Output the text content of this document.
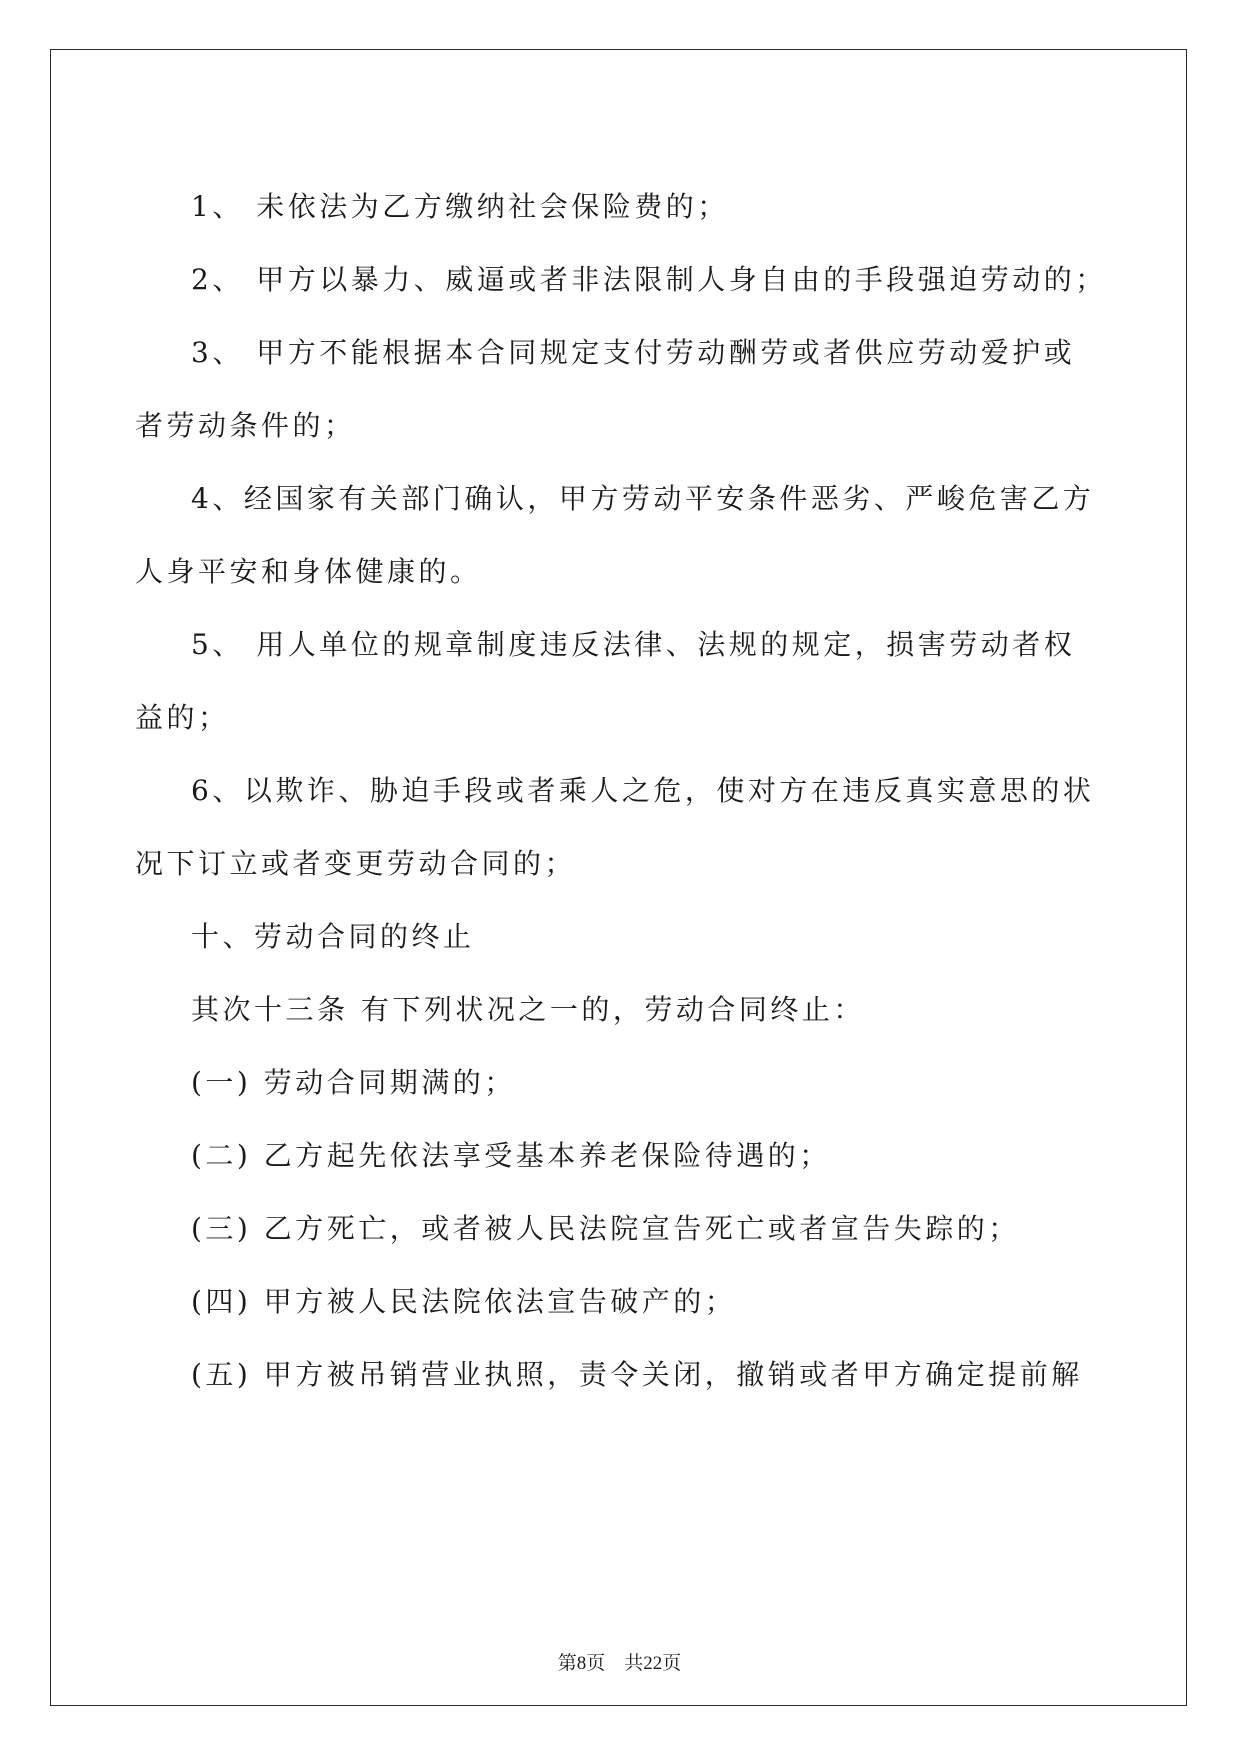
1、 未依法为乙方缴纳社会保险费的；
2、 甲方以暴力、威逼或者非法限制人身自由的手段强迫劳动的；
3、 甲方不能根据本合同规定支付劳动酬劳或者供应劳动爱护或
者劳动条件的；
4、经国家有关部门确认，甲方劳动平安条件恶劣、严峻危害乙方
人身平安和身体健康的。
5、 用人单位的规章制度违反法律、法规的规定，损害劳动者权
益的；
6、以欺诈、胁迫手段或者乘人之危，使对方在违反真实意思的状
况下订立或者变更劳动合同的；
十、劳动合同的终止
其次十三条 有下列状况之一的，劳动合同终止：
(一) 劳动合同期满的；
(二) 乙方起先依法享受基本养老保险待遇的；
(三) 乙方死亡，或者被人民法院宣告死亡或者宣告失踪的；
(四) 甲方被人民法院依法宣告破产的；
(五) 甲方被吊销营业执照，责令关闭，撤销或者甲方确定提前解
第8页　共22页
